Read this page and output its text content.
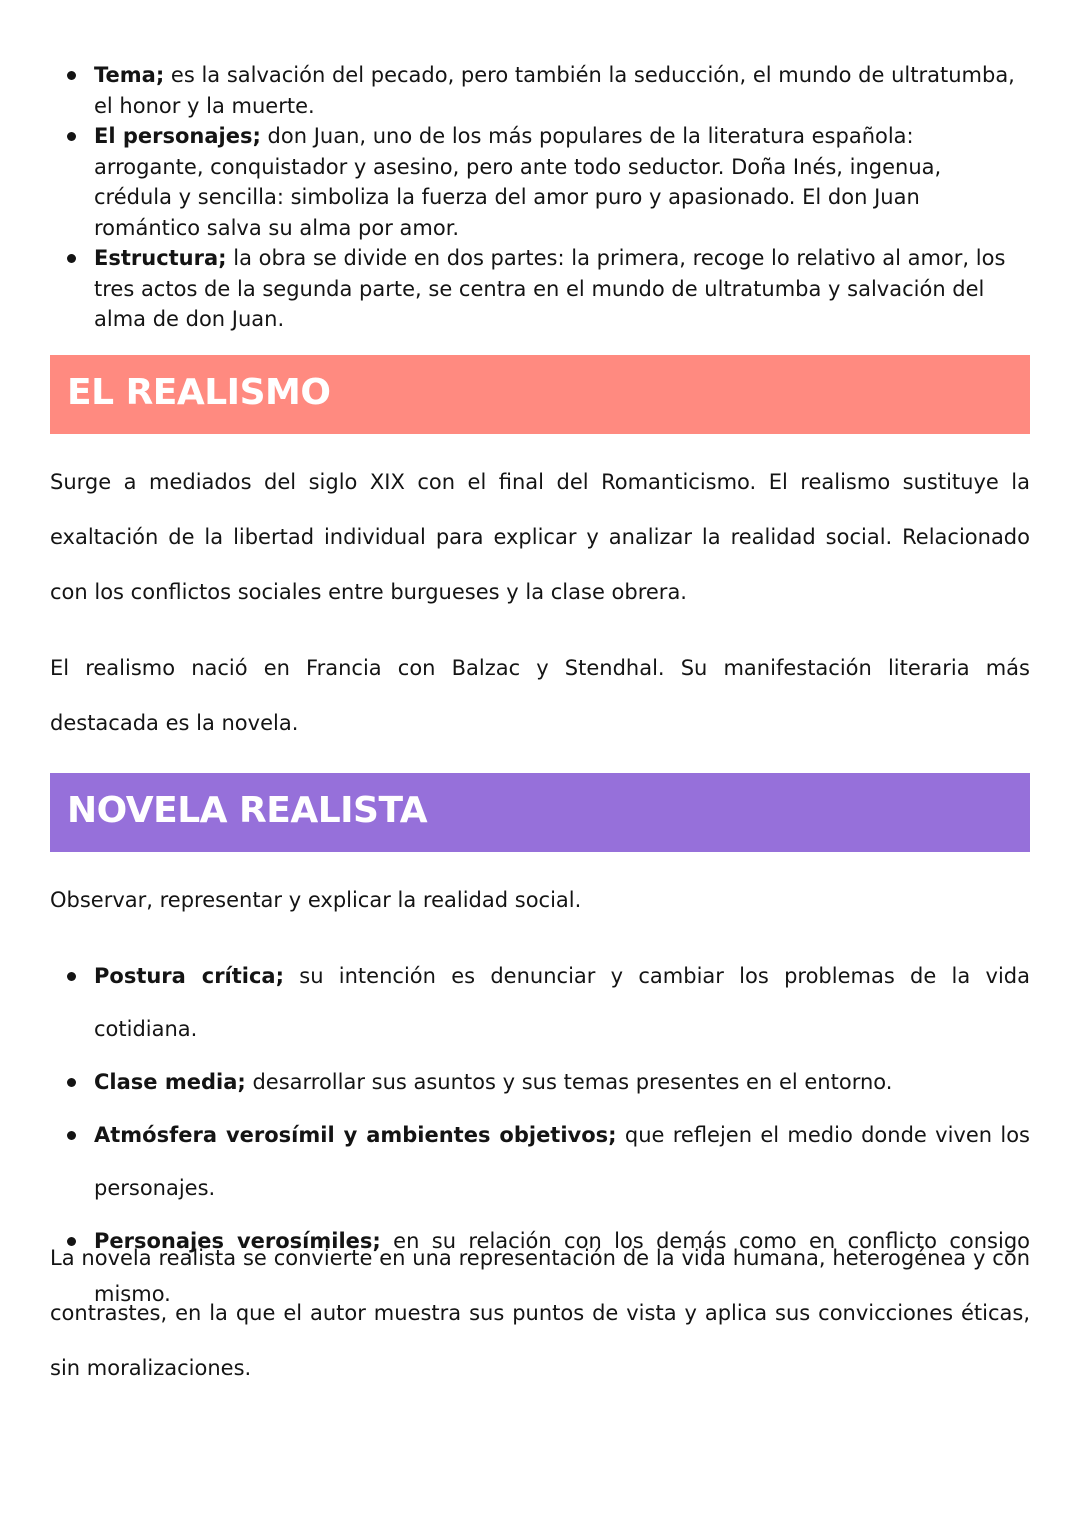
Tema; es la salvación del pecado, pero también la seducción, el mundo de ultratumba, el honor y la muerte.
El personajes; don Juan, uno de los más populares de la literatura española: arrogante, conquistador y asesino, pero ante todo seductor. Doña Inés, ingenua, crédula y sencilla: simboliza la fuerza del amor puro y apasionado. El don Juan romántico salva su alma por amor.
Estructura; la obra se divide en dos partes: la primera, recoge lo relativo al amor, los tres actos de la segunda parte, se centra en el mundo de ultratumba y salvación del alma de don Juan.
EL REALISMO

Surge a mediados del siglo XIX con el final del Romanticismo. El realismo sustituye la exaltación de la libertad individual para explicar y analizar la realidad social. Relacionado con los conflictos sociales entre burgueses y la clase obrera.

El realismo nació en Francia con Balzac y Stendhal. Su manifestación literaria más destacada es la novela.

NOVELA REALISTA

Observar, representar y explicar la realidad social.

Postura crítica; su intención es denunciar y cambiar los problemas de la vida cotidiana.
Clase media; desarrollar sus asuntos y sus temas presentes en el entorno.
Atmósfera verosímil y ambientes objetivos; que reflejen el medio donde viven los personajes.
Personajes verosímiles; en su relación con los demás como en conflicto consigo mismo.

La novela realista se convierte en una representación de la vida humana, heterogénea y con contrastes, en la que el autor muestra sus puntos de vista y aplica sus convicciones éticas, sin moralizaciones.
